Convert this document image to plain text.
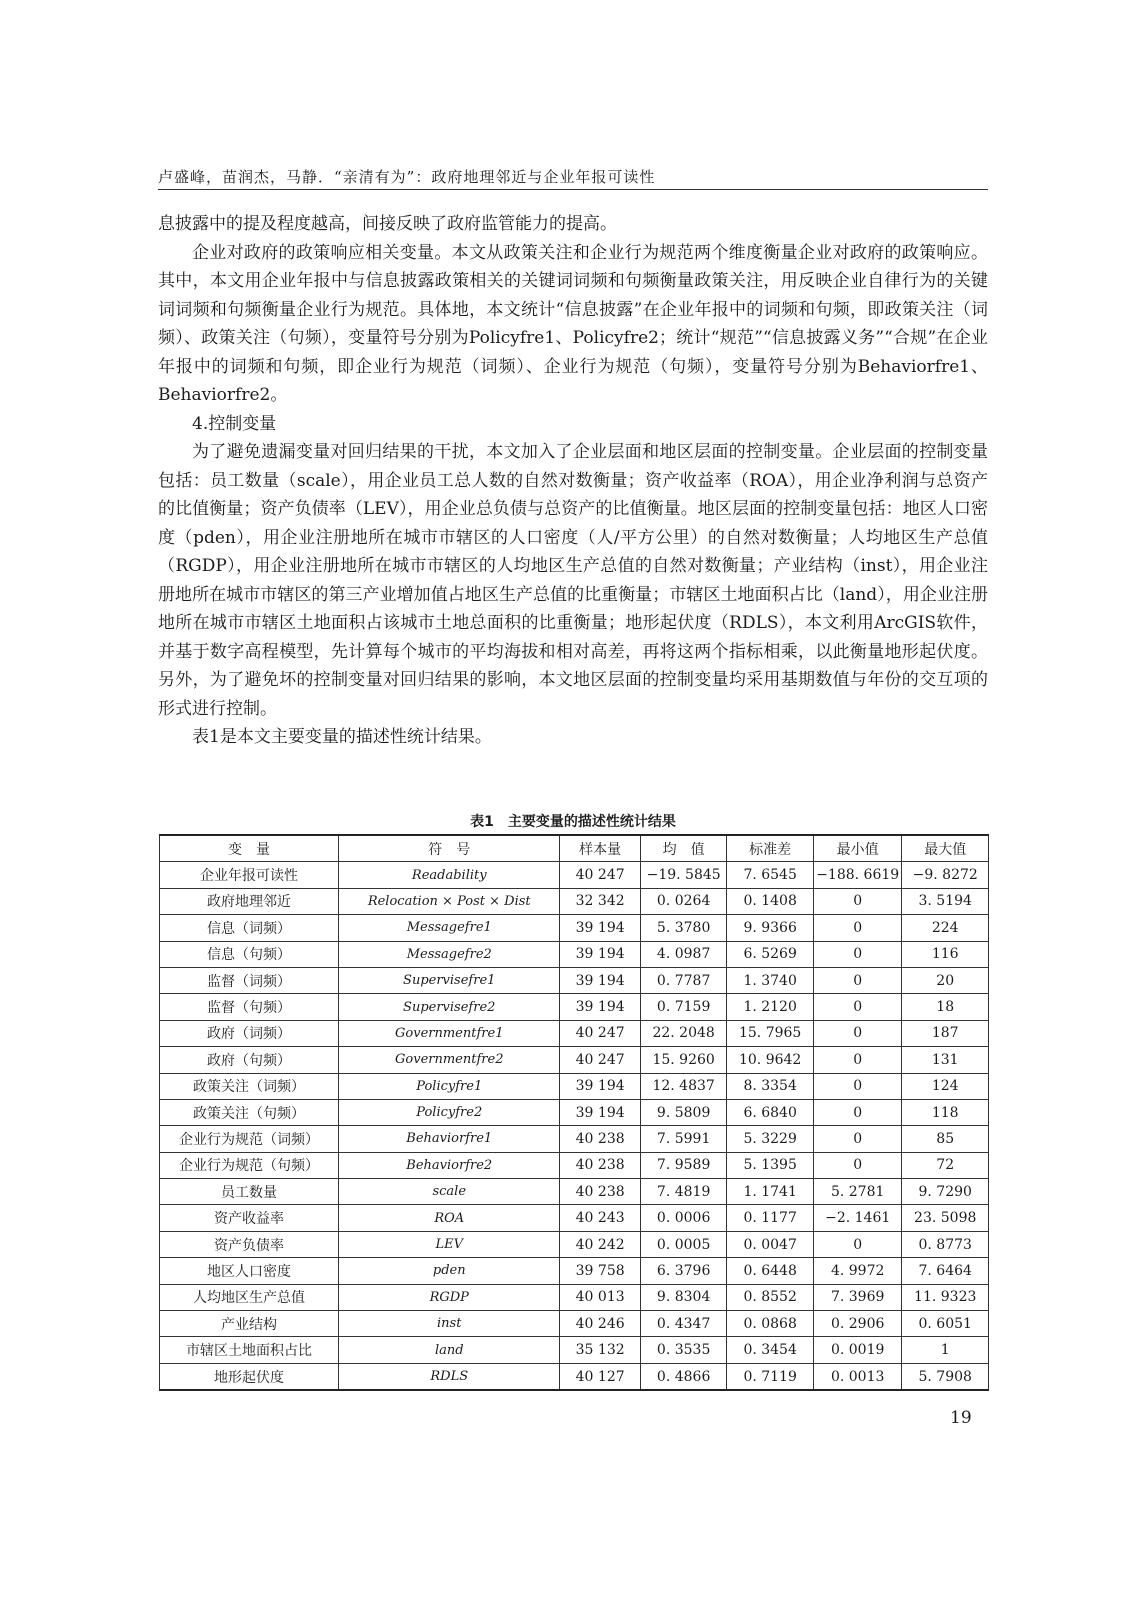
卢盛峰，苗润杰，马静．“亲清有为”：政府地理邻近与企业年报可读性

息披露中的提及程度越高，间接反映了政府监管能力的提高。

企业对政府的政策响应相关变量。本文从政策关注和企业行为规范两个维度衡量企业对政府的政策响应。其中，本文用企业年报中与信息披露政策相关的关键词词频和句频衡量政策关注，用反映企业自律行为的关键词词频和句频衡量企业行为规范。具体地，本文统计“信息披露”在企业年报中的词频和句频，即政策关注（词频）、政策关注（句频），变量符号分别为Policyfre1、Policyfre2；统计“规范”“信息披露义务”“合规”在企业年报中的词频和句频，即企业行为规范（词频）、企业行为规范（句频），变量符号分别为Behaviorfre1、Behaviorfre2。

4.控制变量

为了避免遗漏变量对回归结果的干扰，本文加入了企业层面和地区层面的控制变量。企业层面的控制变量包括：员工数量（scale），用企业员工总人数的自然对数衡量；资产收益率（ROA），用企业净利润与总资产的比值衡量；资产负债率（LEV），用企业总负债与总资产的比值衡量。地区层面的控制变量包括：地区人口密度（pden），用企业注册地所在城市市辖区的人口密度（人/平方公里）的自然对数衡量；人均地区生产总值（RGDP），用企业注册地所在城市市辖区的人均地区生产总值的自然对数衡量；产业结构（inst），用企业注册地所在城市市辖区的第三产业增加值占地区生产总值的比重衡量；市辖区土地面积占比（land），用企业注册地所在城市市辖区土地面积占该城市土地总面积的比重衡量；地形起伏度（RDLS），本文利用ArcGIS软件，并基于数字高程模型，先计算每个城市的平均海拔和相对高差，再将这两个指标相乘，以此衡量地形起伏度。另外，为了避免坏的控制变量对回归结果的影响，本文地区层面的控制变量均采用基期数值与年份的交互项的形式进行控制。

表1是本文主要变量的描述性统计结果。

表1　主要变量的描述性统计结果
变　量	符　号	样本量	均　值	标准差	最小值	最大值
企业年报可读性	Readability	40 247	−19. 5845	7. 6545	−188. 6619	−9. 8272
政府地理邻近	Relocation × Post × Dist	32 342	0. 0264	0. 1408	0	3. 5194
信息（词频）	Messagefre1	39 194	5. 3780	9. 9366	0	224
信息（句频）	Messagefre2	39 194	4. 0987	6. 5269	0	116
监督（词频）	Supervisefre1	39 194	0. 7787	1. 3740	0	20
监督（句频）	Supervisefre2	39 194	0. 7159	1. 2120	0	18
政府（词频）	Governmentfre1	40 247	22. 2048	15. 7965	0	187
政府（句频）	Governmentfre2	40 247	15. 9260	10. 9642	0	131
政策关注（词频）	Policyfre1	39 194	12. 4837	8. 3354	0	124
政策关注（句频）	Policyfre2	39 194	9. 5809	6. 6840	0	118
企业行为规范（词频）	Behaviorfre1	40 238	7. 5991	5. 3229	0	85
企业行为规范（句频）	Behaviorfre2	40 238	7. 9589	5. 1395	0	72
员工数量	scale	40 238	7. 4819	1. 1741	5. 2781	9. 7290
资产收益率	ROA	40 243	0. 0006	0. 1177	−2. 1461	23. 5098
资产负债率	LEV	40 242	0. 0005	0. 0047	0	0. 8773
地区人口密度	pden	39 758	6. 3796	0. 6448	4. 9972	7. 6464
人均地区生产总值	RGDP	40 013	9. 8304	0. 8552	7. 3969	11. 9323
产业结构	inst	40 246	0. 4347	0. 0868	0. 2906	0. 6051
市辖区土地面积占比	land	35 132	0. 3535	0. 3454	0. 0019	1
地形起伏度	RDLS	40 127	0. 4866	0. 7119	0. 0013	5. 7908
19
